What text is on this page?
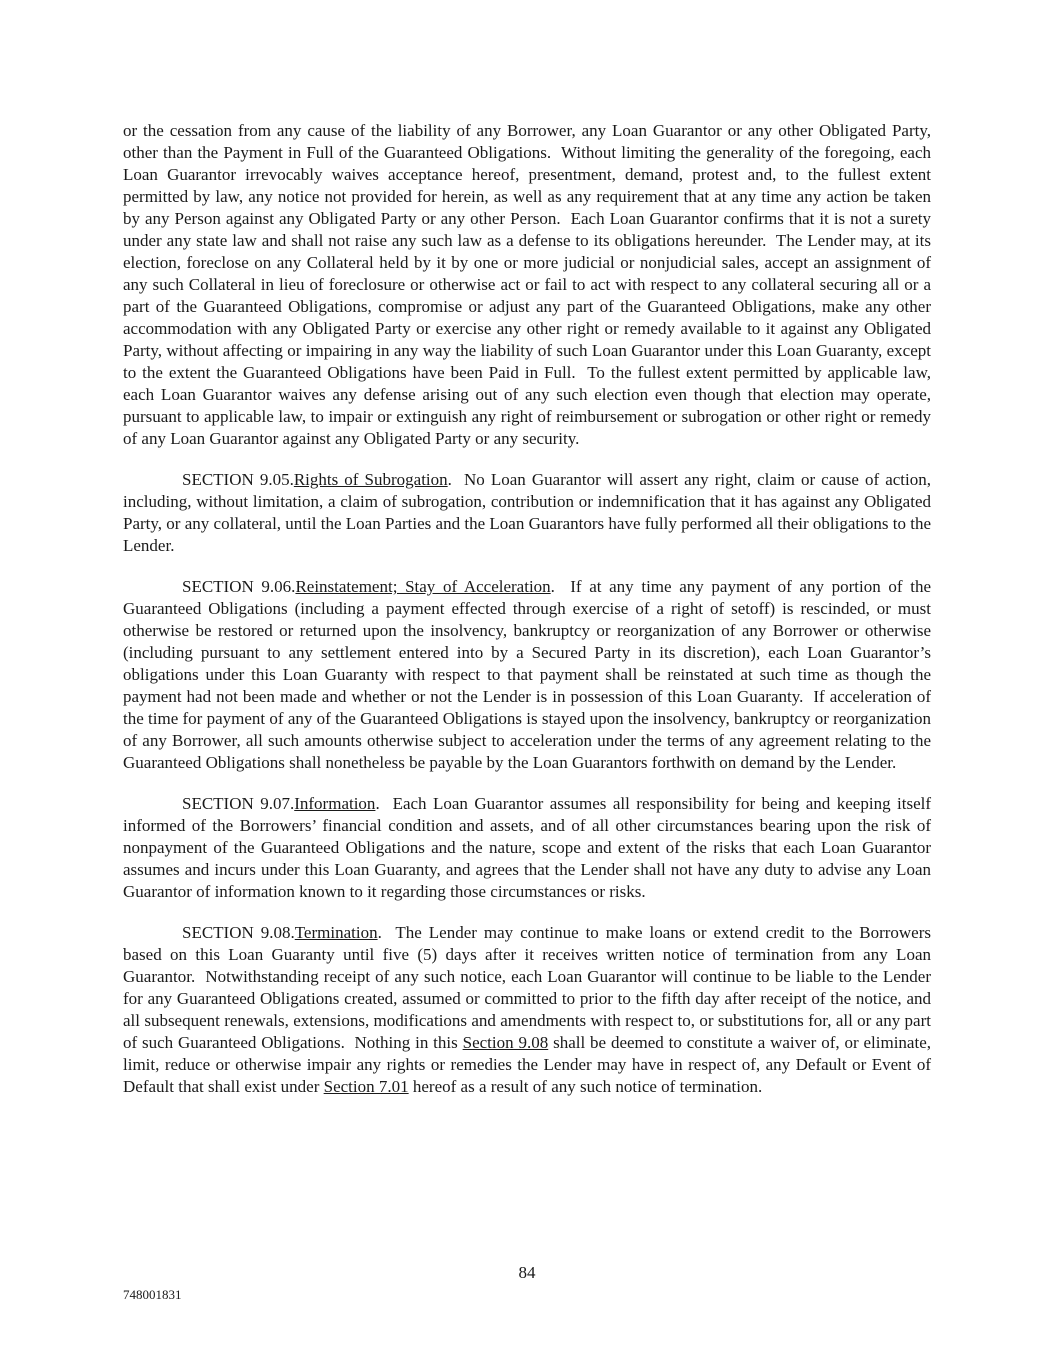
or the cessation from any cause of the liability of any Borrower, any Loan Guarantor or any other Obligated Party, other than the Payment in Full of the Guaranteed Obligations.  Without limiting the generality of the foregoing, each Loan Guarantor irrevocably waives acceptance hereof, presentment, demand, protest and, to the fullest extent permitted by law, any notice not provided for herein, as well as any requirement that at any time any action be taken by any Person against any Obligated Party or any other Person.  Each Loan Guarantor confirms that it is not a surety under any state law and shall not raise any such law as a defense to its obligations hereunder.  The Lender may, at its election, foreclose on any Collateral held by it by one or more judicial or nonjudicial sales, accept an assignment of any such Collateral in lieu of foreclosure or otherwise act or fail to act with respect to any collateral securing all or a part of the Guaranteed Obligations, compromise or adjust any part of the Guaranteed Obligations, make any other accommodation with any Obligated Party or exercise any other right or remedy available to it against any Obligated Party, without affecting or impairing in any way the liability of such Loan Guarantor under this Loan Guaranty, except to the extent the Guaranteed Obligations have been Paid in Full.  To the fullest extent permitted by applicable law, each Loan Guarantor waives any defense arising out of any such election even though that election may operate, pursuant to applicable law, to impair or extinguish any right of reimbursement or subrogation or other right or remedy of any Loan Guarantor against any Obligated Party or any security.

SECTION 9.05.Rights of Subrogation.  No Loan Guarantor will assert any right, claim or cause of action, including, without limitation, a claim of subrogation, contribution or indemnification that it has against any Obligated Party, or any collateral, until the Loan Parties and the Loan Guarantors have fully performed all their obligations to the Lender.

SECTION 9.06.Reinstatement; Stay of Acceleration.  If at any time any payment of any portion of the Guaranteed Obligations (including a payment effected through exercise of a right of setoff) is rescinded, or must otherwise be restored or returned upon the insolvency, bankruptcy or reorganization of any Borrower or otherwise (including pursuant to any settlement entered into by a Secured Party in its discretion), each Loan Guarantor’s obligations under this Loan Guaranty with respect to that payment shall be reinstated at such time as though the payment had not been made and whether or not the Lender is in possession of this Loan Guaranty.  If acceleration of the time for payment of any of the Guaranteed Obligations is stayed upon the insolvency, bankruptcy or reorganization of any Borrower, all such amounts otherwise subject to acceleration under the terms of any agreement relating to the Guaranteed Obligations shall nonetheless be payable by the Loan Guarantors forthwith on demand by the Lender.

SECTION 9.07.Information.  Each Loan Guarantor assumes all responsibility for being and keeping itself informed of the Borrowers’ financial condition and assets, and of all other circumstances bearing upon the risk of nonpayment of the Guaranteed Obligations and the nature, scope and extent of the risks that each Loan Guarantor assumes and incurs under this Loan Guaranty, and agrees that the Lender shall not have any duty to advise any Loan Guarantor of information known to it regarding those circumstances or risks.

SECTION 9.08.Termination.  The Lender may continue to make loans or extend credit to the Borrowers based on this Loan Guaranty until five (5) days after it receives written notice of termination from any Loan Guarantor.  Notwithstanding receipt of any such notice, each Loan Guarantor will continue to be liable to the Lender for any Guaranteed Obligations created, assumed or committed to prior to the fifth day after receipt of the notice, and all subsequent renewals, extensions, modifications and amendments with respect to, or substitutions for, all or any part of such Guaranteed Obligations.  Nothing in this Section 9.08 shall be deemed to constitute a waiver of, or eliminate, limit, reduce or otherwise impair any rights or remedies the Lender may have in respect of, any Default or Event of Default that shall exist under Section 7.01 hereof as a result of any such notice of termination.

84
748001831
